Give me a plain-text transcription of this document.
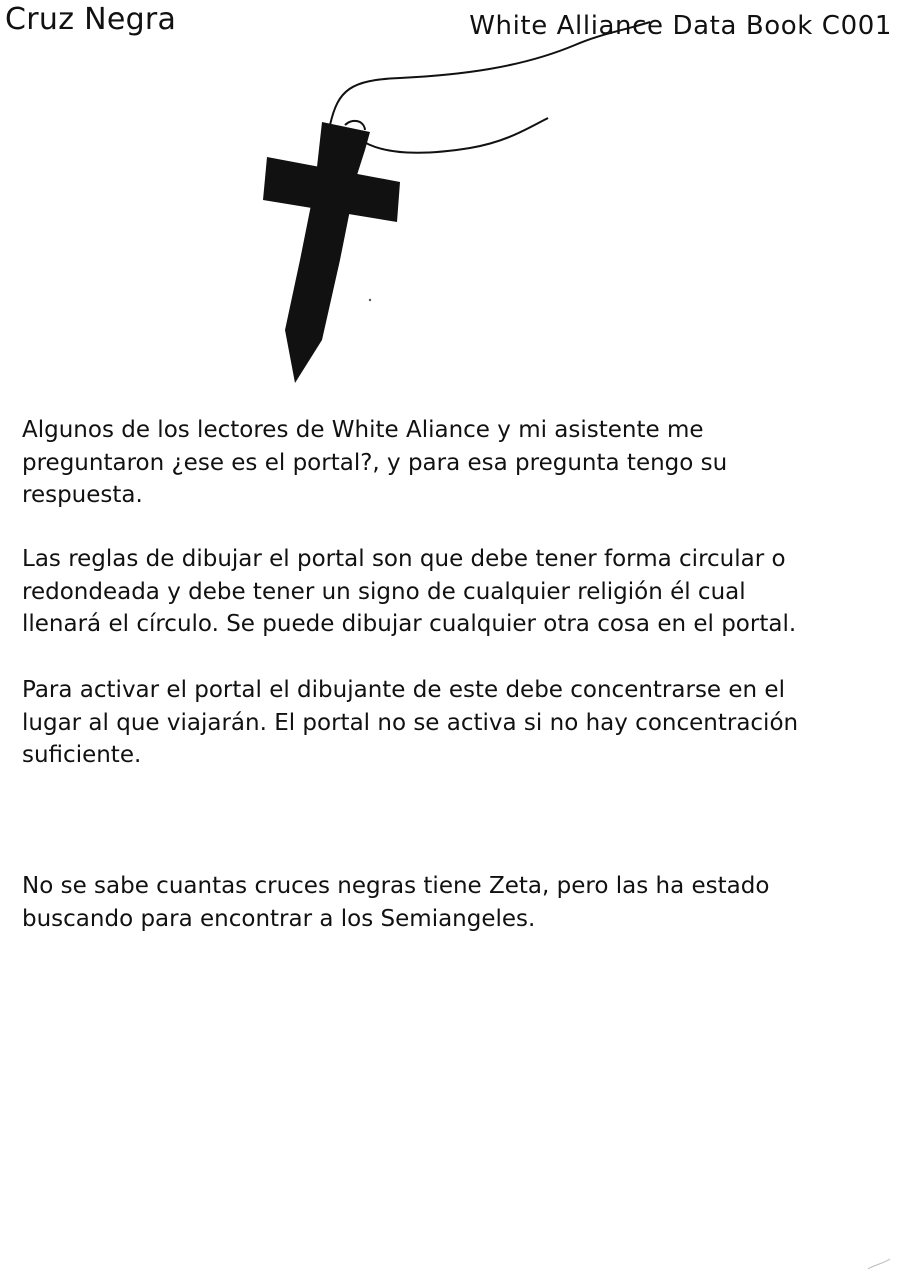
Cruz Negra	White Alliance Data Book C001

Algunos de los lectores de White Aliance y mi asistente me
preguntaron ¿ese es el portal?, y para esa pregunta tengo su
respuesta.

Las reglas de dibujar el portal son que debe tener forma circular o
redondeada y debe tener un signo de cualquier religión él cual
llenará el círculo. Se puede dibujar cualquier otra cosa en el portal.

Para activar el portal el dibujante de este debe concentrarse en el
lugar al que viajarán. El portal no se activa si no hay concentración
suficiente.

No se sabe cuantas cruces negras tiene Zeta, pero las ha estado
buscando para encontrar a los Semiangeles.
